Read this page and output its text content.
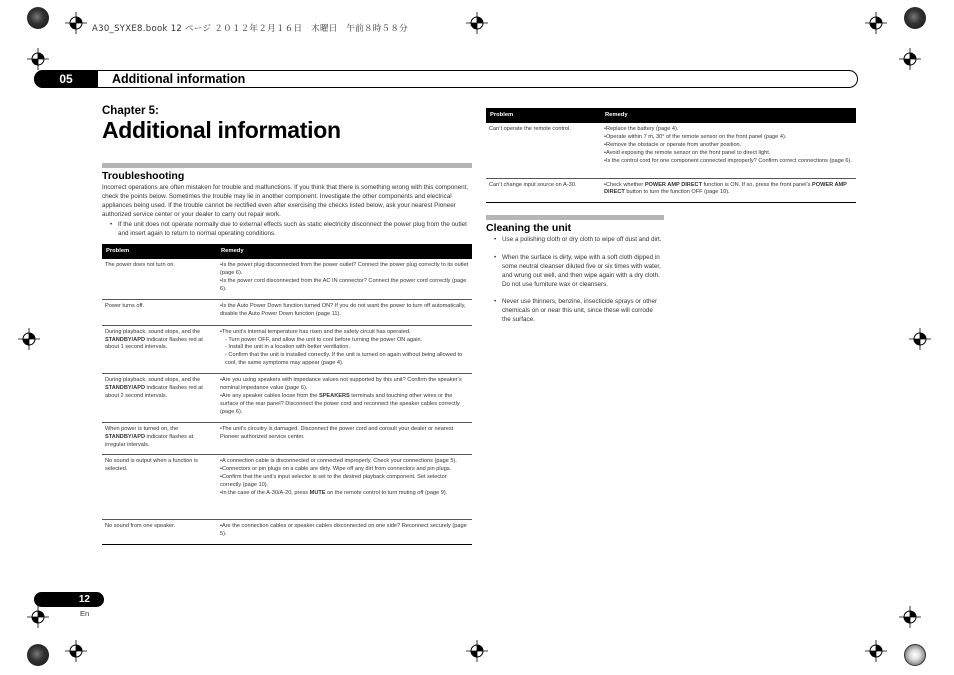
A30_SYXE8.book 12 ページ ２０１２年２月１６日　木曜日　午前８時５８分
05	Additional information
Chapter 5:
Additional information
Troubleshooting
Incorrect operations are often mistaken for trouble and malfunctions. If you think that there is something wrong with this component, check the points below. Sometimes the trouble may lie in another component. Investigate the other components and electrical appliances being used. If the trouble cannot be rectified even after exercising the checks listed below, ask your nearest Pioneer authorized service center or your dealer to carry out repair work.
• If the unit does not operate normally due to external effects such as static electricity disconnect the power plug from the outlet and insert again to return to normal operating conditions.
Problem	Remedy
The power does not turn on.	•Is the power plug disconnected from the power outlet? Connect the power plug correctly to its outlet (page 6).
•Is the power cord disconnected from the AC IN connector? Connect the power cord correctly (page 6).

Power turns off.	•Is the Auto Power Down function turned ON? If you do not want the power to turn off automatically, disable the Auto Power Down function (page 11).

During playback, sound stops, and the STANDBY/APD indicator flashes red at about 1 second intervals.	•The unit’s internal temperature has risen and the safety circuit has operated.
- Turn power OFF, and allow the unit to cool before turning the power ON again.
- Install the unit in a location with better ventilation.
- Confirm that the unit is installed correctly. If the unit is turned on again without being allowed to cool, the same symptoms may appear (page 4).

During playback, sound stops, and the STANDBY/APD indicator flashes red at about 2 second intervals.	•Are you using speakers with impedance values not supported by this unit? Confirm the speaker’s nominal impedance value (page 6).
•Are any speaker cables loose from the SPEAKERS terminals and touching other wires or the surface of the rear panel? Disconnect the power cord and reconnect the speaker cables correctly (page 6).

When power is turned on, the STANDBY/APD indicator flashes at irregular intervals.	•The unit’s circuitry is damaged. Disconnect the power cord and consult your dealer or nearest Pioneer authorized service center.

No sound is output when a function is selected.	•A connection cable is disconnected or connected improperly. Check your connections (page 5).
•Connectors or pin plugs on a cable are dirty. Wipe off any dirt from connectors and pin plugs.
•Confirm that the unit’s input selector is set to the desired playback component. Set selector correctly (page 10).
•In the case of the A-30/A-20, press MUTE on the remote control to turn muting off (page 9).

No sound from one speaker.	•Are the connection cables or speaker cables disconnected on one side? Reconnect securely (page 5).
Problem	Remedy
Can’t operate the remote control.	•Replace the battery (page 4).
•Operate within 7 m, 30° of the remote sensor on the front panel (page 4).
•Remove the obstacle or operate from another position.
•Avoid exposing the remote sensor on the front panel to direct light.
•Is the control cord for one component connected improperly? Confirm correct connections (page 6).

Can’t change input source on A-30.	•Check whether POWER AMP DIRECT function is ON. If so, press the front panel’s POWER AMP DIRECT button to turn the function OFF (page 10).
Cleaning the unit
• Use a polishing cloth or dry cloth to wipe off dust and dirt.
• When the surface is dirty, wipe with a soft cloth dipped in some neutral cleanser diluted five or six times with water, and wrung out well, and then wipe again with a dry cloth. Do not use furniture wax or cleansers.
• Never use thinners, benzine, insecticide sprays or other chemicals on or near this unit, since these will corrode the surface.
12
En
